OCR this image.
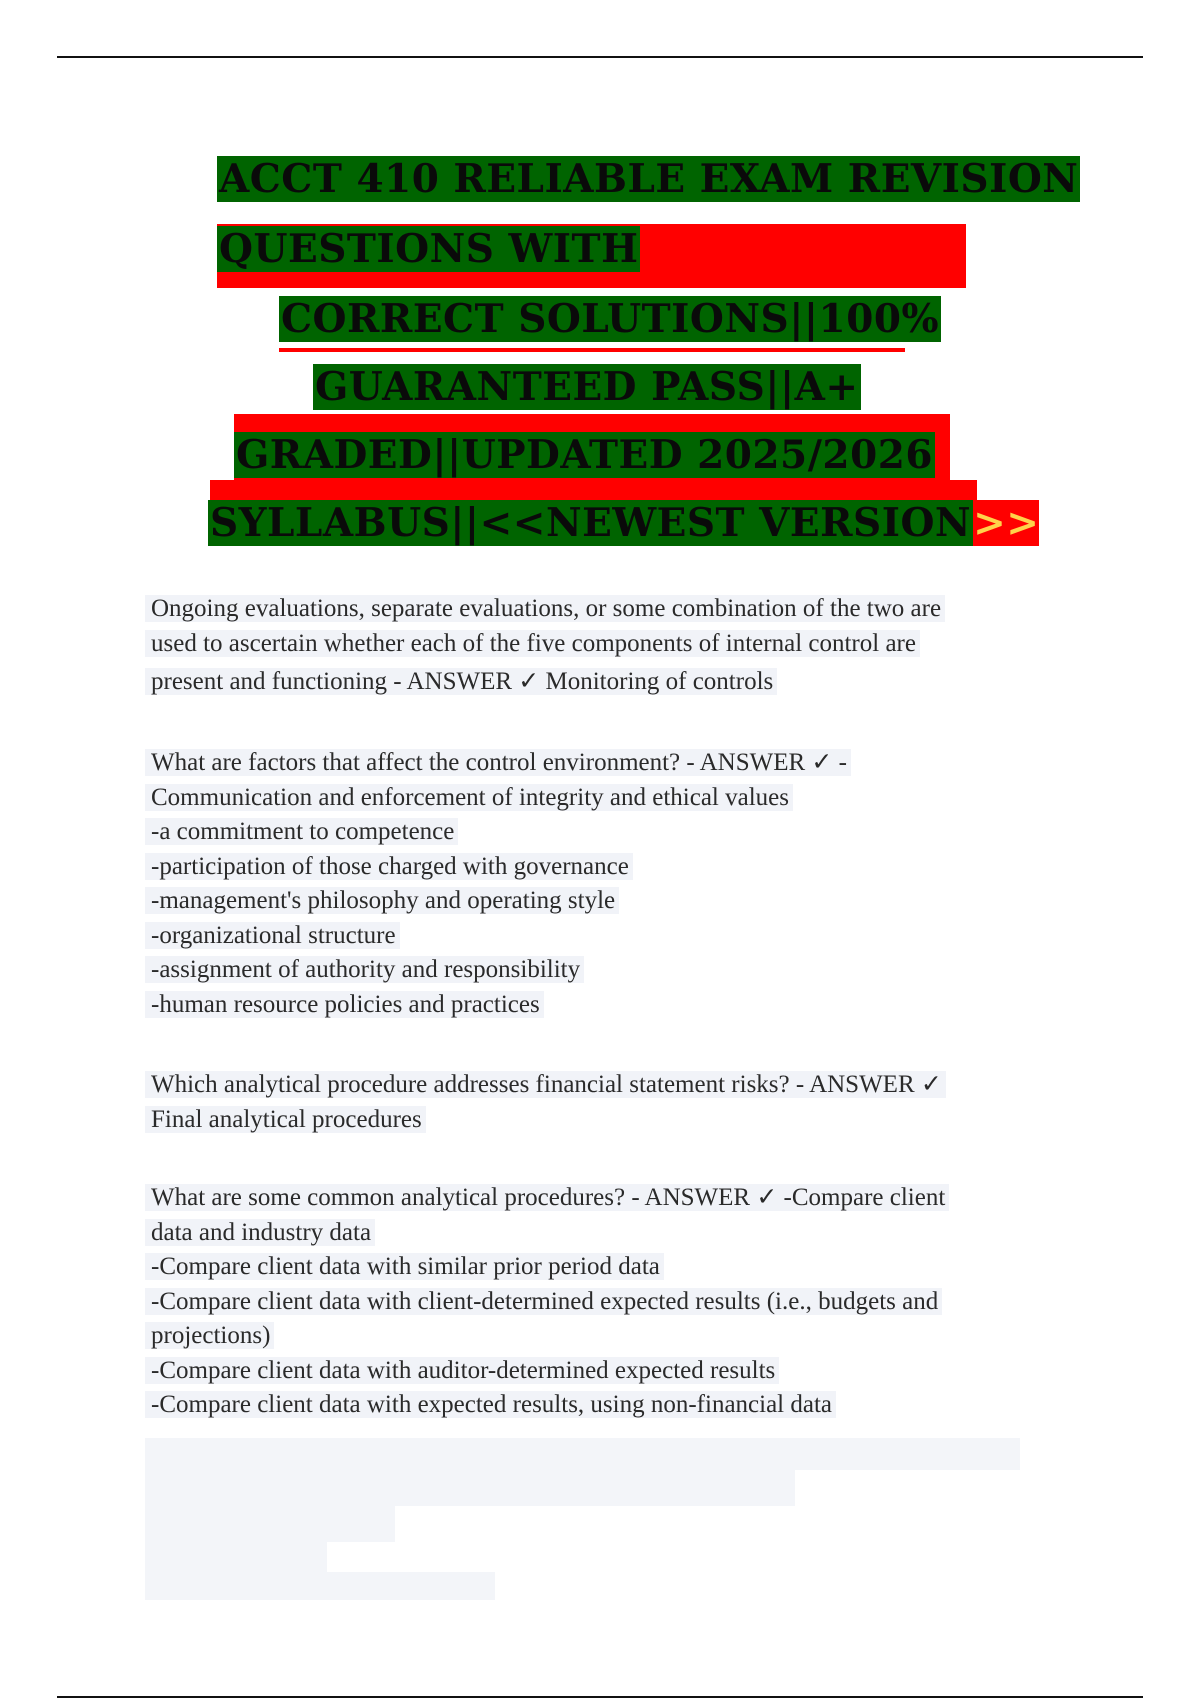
ACCT 410 RELIABLE EXAM REVISION
QUESTIONS WITH
CORRECT SOLUTIONS||100%
GUARANTEED PASS||A+
GRADED||UPDATED 2025/2026
SYLLABUS||<<NEWEST VERSION>>
Ongoing evaluations, separate evaluations, or some combination of the two are
used to ascertain whether each of the five components of internal control are
present and functioning - ANSWER ✓ Monitoring of controls
What are factors that affect the control environment? - ANSWER ✓ -
Communication and enforcement of integrity and ethical values
-a commitment to competence
-participation of those charged with governance
-management's philosophy and operating style
-organizational structure
-assignment of authority and responsibility
-human resource policies and practices
Which analytical procedure addresses financial statement risks? - ANSWER ✓
Final analytical procedures
What are some common analytical procedures? - ANSWER ✓ -Compare client
data and industry data
-Compare client data with similar prior period data
-Compare client data with client-determined expected results (i.e., budgets and
projections)
-Compare client data with auditor-determined expected results
-Compare client data with expected results, using non-financial data
